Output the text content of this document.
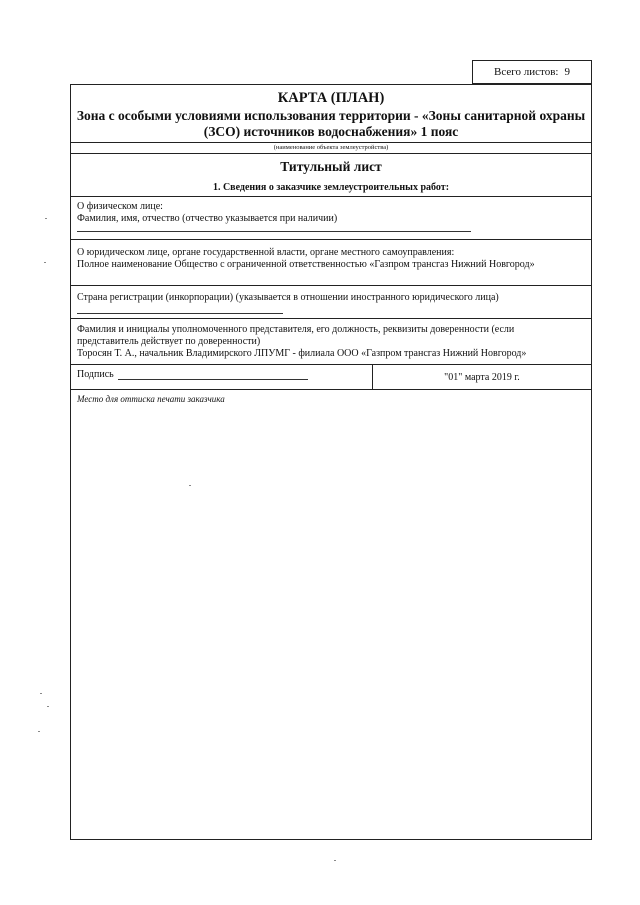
Всего листов: 9
КАРТА (ПЛАН)
Зона с особыми условиями использования территории - «Зоны санитарной охраны
(ЗСО) источников водоснабжения» 1 пояс
(наименование объекта землеустройства)
Титульный лист
1. Сведения о заказчике землеустроительных работ:
О физическом лице:
Фамилия, имя, отчество (отчество указывается при наличии)
О юридическом лице, органе государственной власти, органе местного самоуправления:
Полное наименование Общество с ограниченной ответственностью «Газпром трансгаз Нижний Новгород»
Страна регистрации (инкорпорации) (указывается в отношении иностранного юридического лица)
Фамилия и инициалы уполномоченного представителя, его должность, реквизиты доверенности (если
представитель действует по доверенности)
Торосян Т. А., начальник Владимирского ЛПУМГ - филиала ООО «Газпром трансгаз Нижний Новгород»
Подпись	"01" марта 2019 г.
Место для оттиска печати заказчика
